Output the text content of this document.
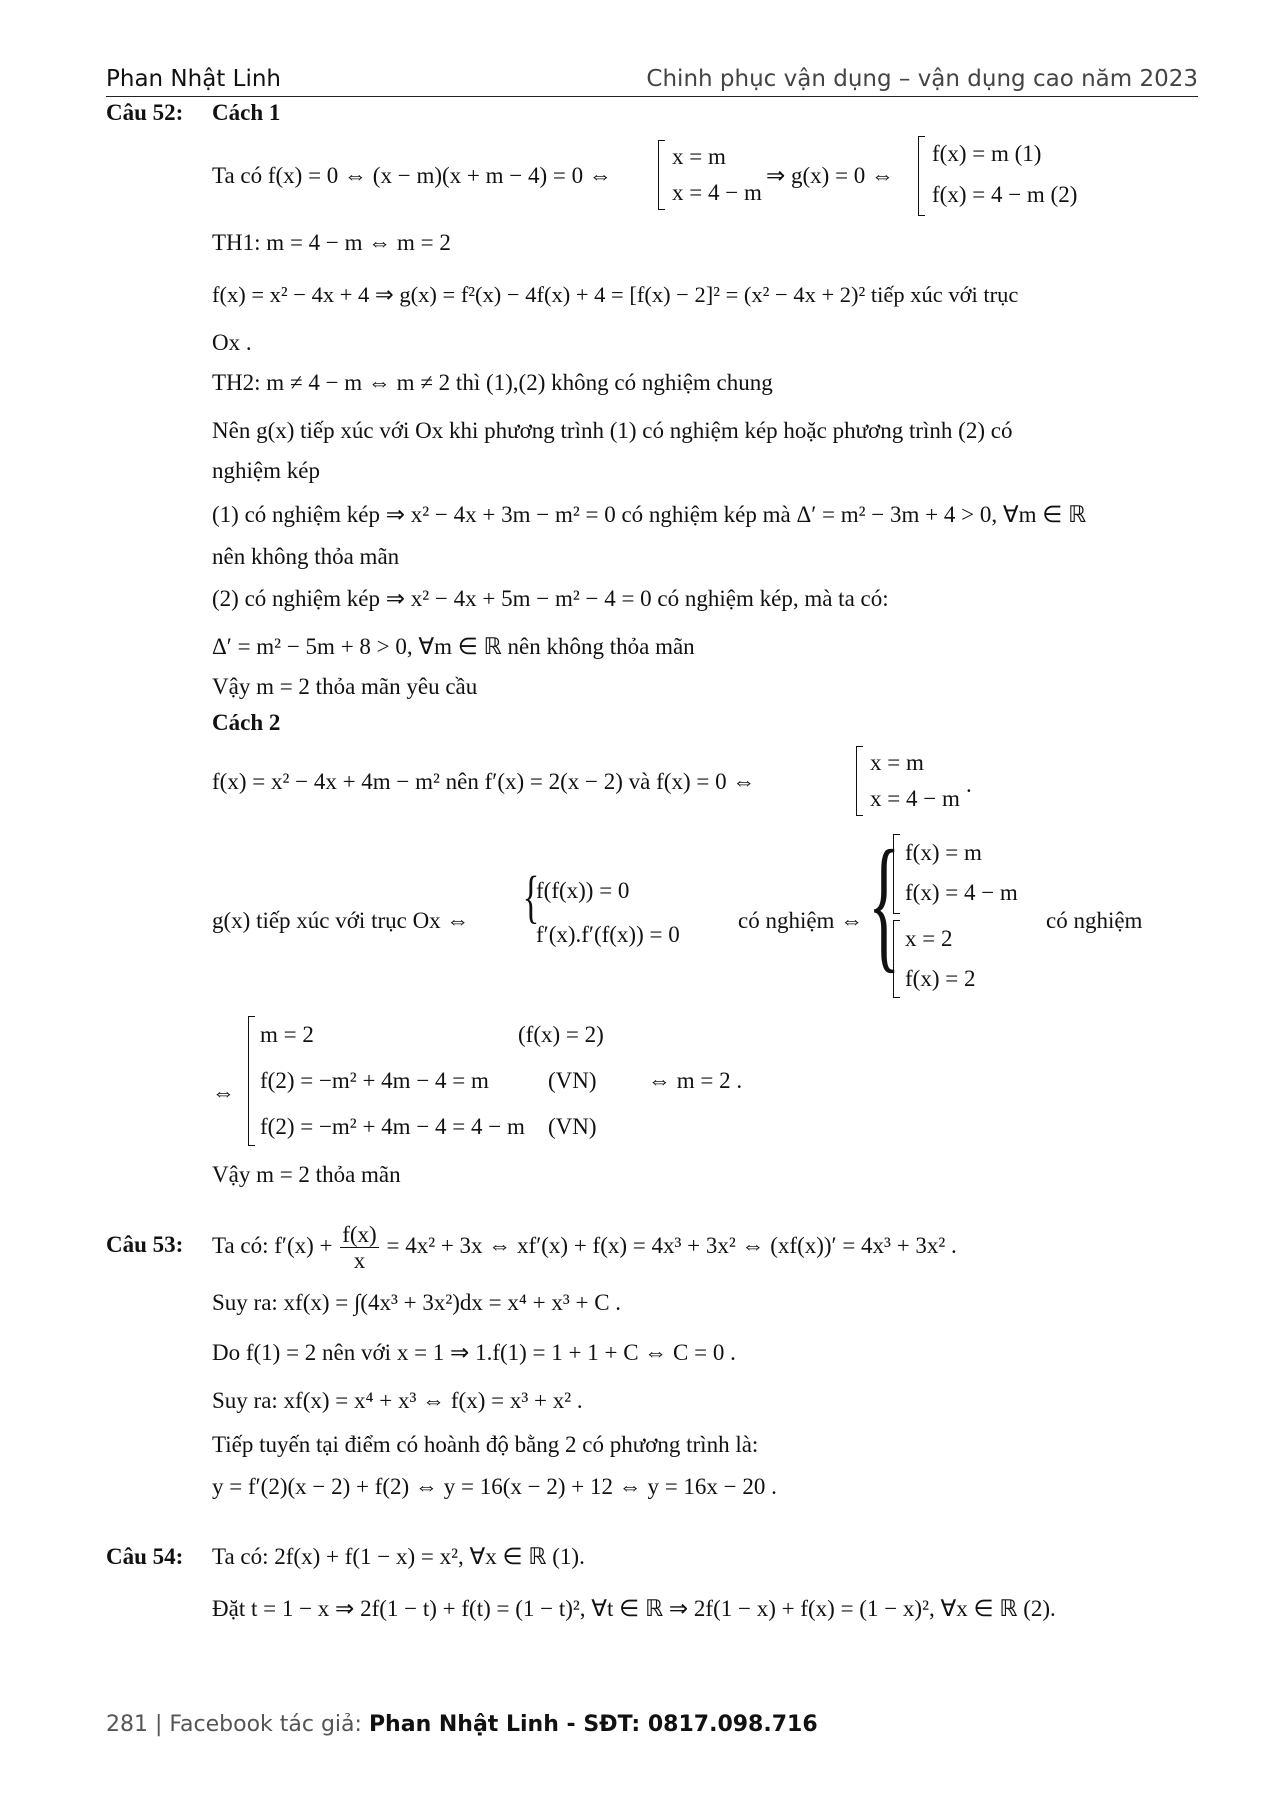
Phan Nhật Linh	Chinh phục vận dụng – vận dụng cao năm 2023
Câu 52: Cách 1
Ta có f(x) = 0 ⇔ (x − m)(x + m − 4) = 0 ⇔
x = m
x = 4 − m
⇒ g(x) = 0 ⇔
f(x) = m (1)
f(x) = 4 − m (2)
TH1: m = 4 − m ⇔ m = 2
f(x) = x² − 4x + 4 ⇒ g(x) = f²(x) − 4f(x) + 4 = [f(x) − 2]² = (x² − 4x + 2)² tiếp xúc với trục
Ox .
TH2: m ≠ 4 − m ⇔ m ≠ 2 thì (1),(2) không có nghiệm chung
Nên g(x) tiếp xúc với Ox khi phương trình (1) có nghiệm kép hoặc phương trình (2) có
nghiệm kép
(1) có nghiệm kép ⇒ x² − 4x + 3m − m² = 0 có nghiệm kép mà Δ′ = m² − 3m + 4 > 0, ∀m ∈ ℝ
nên không thỏa mãn
(2) có nghiệm kép ⇒ x² − 4x + 5m − m² − 4 = 0 có nghiệm kép, mà ta có:
Δ′ = m² − 5m + 8 > 0, ∀m ∈ ℝ nên không thỏa mãn
Vậy m = 2 thỏa mãn yêu cầu
Cách 2
f(x) = x² − 4x + 4m − m² nên f′(x) = 2(x − 2) và f(x) = 0 ⇔
x = m
x = 4 − m
.
g(x) tiếp xúc với trục Ox ⇔ {
f(f(x)) = 0
f′(x).f′(f(x)) = 0
có nghiệm ⇔ { f(x) = m
f(x) = 4 − m
x = 2
f(x) = 2
có nghiệm
⇔
m = 2	(f(x) = 2)
f(2) = −m² + 4m − 4 = m	(VN)
f(2) = −m² + 4m − 4 = 4 − m (VN)
⇔ m = 2 .
Vậy m = 2 thỏa mãn
Câu 53: Ta có: $f'(x) + \frac{f(x)}{x} = 4x^2 + 3x$ ⇔ xf′(x) + f(x) = 4x³ + 3x² ⇔ (xf(x))′ = 4x³ + 3x² .
Suy ra: xf(x) = ∫(4x³ + 3x²)dx = x⁴ + x³ + C .
Do f(1) = 2 nên với x = 1 ⇒ 1.f(1) = 1 + 1 + C ⇔ C = 0 .
Suy ra: xf(x) = x⁴ + x³ ⇔ f(x) = x³ + x² .
Tiếp tuyến tại điểm có hoành độ bằng 2 có phương trình là:
y = f′(2)(x − 2) + f(2) ⇔ y = 16(x − 2) + 12 ⇔ y = 16x − 20 .
Câu 54: Ta có: 2f(x) + f(1 − x) = x², ∀x ∈ ℝ (1).
Đặt t = 1 − x ⇒ 2f(1 − t) + f(t) = (1 − t)², ∀t ∈ ℝ ⇒ 2f(1 − x) + f(x) = (1 − x)², ∀x ∈ ℝ (2).
281 | Facebook tác giả: Phan Nhật Linh - SĐT: 0817.098.716
